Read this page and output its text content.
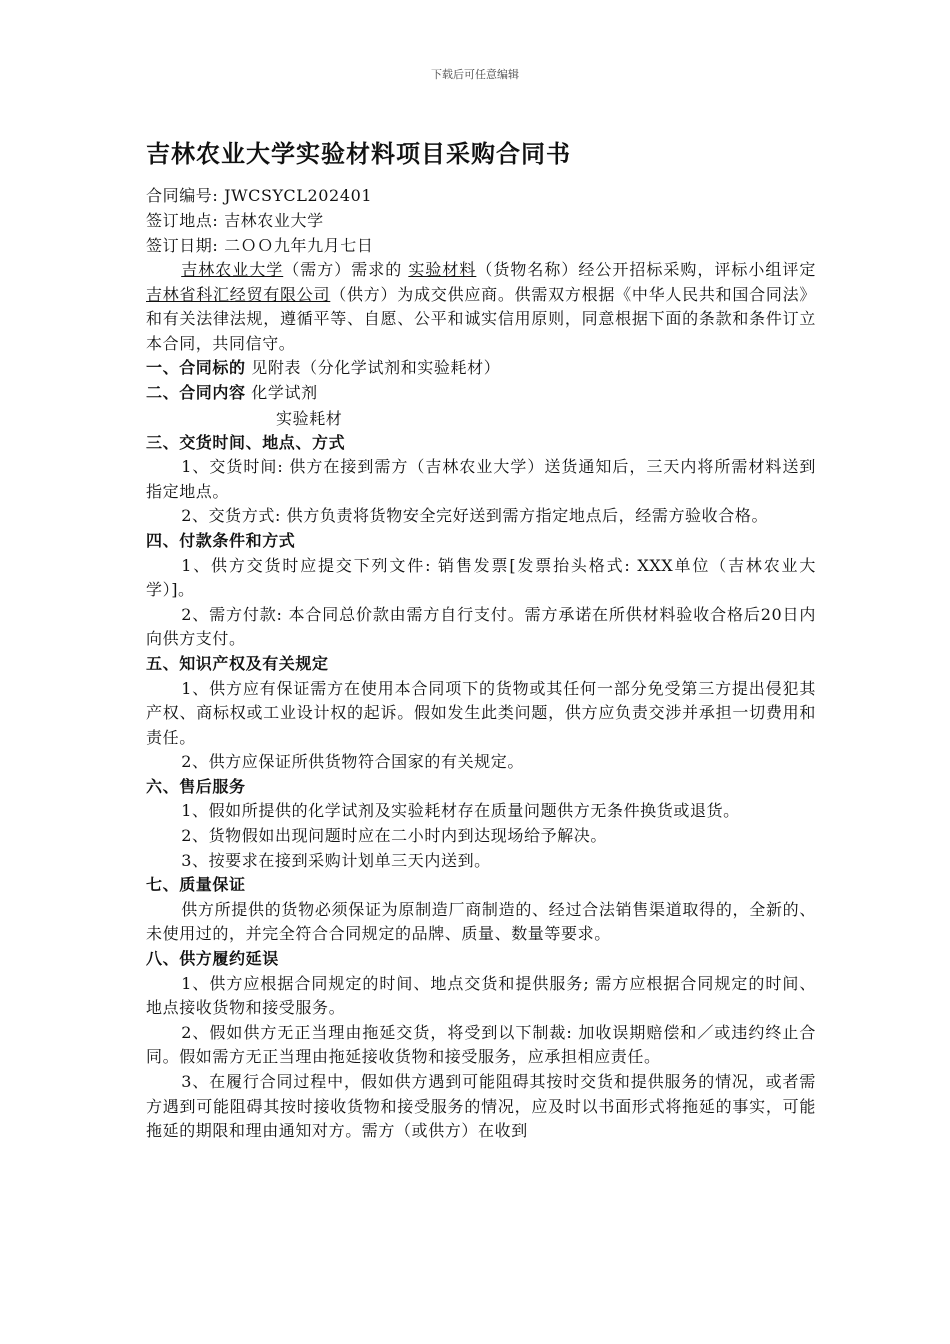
下载后可任意编辑
吉林农业大学实验材料项目采购合同书
合同编号: JWCSYCL202401
签订地点: 吉林农业大学
签订日期: 二ＯＯ九年九月七日
吉林农业大学（需方）需求的 实验材料（货物名称）经公开招标采购，评标小组评定 吉林省科汇经贸有限公司（供方）为成交供应商。供需双方根据《中华人民共和国合同法》和有关法律法规，遵循平等、自愿、公平和诚实信用原则，同意根据下面的条款和条件订立本合同，共同信守。
一、合同标的 见附表（分化学试剂和实验耗材）
二、合同内容 化学试剂
实验耗材
三、交货时间、地点、方式
1、交货时间: 供方在接到需方（吉林农业大学）送货通知后，三天内将所需材料送到指定地点。
2、交货方式: 供方负责将货物安全完好送到需方指定地点后，经需方验收合格。
四、付款条件和方式
1、供方交货时应提交下列文件: 销售发票[发票抬头格式: XXX单位（吉林农业大学）]。
2、需方付款: 本合同总价款由需方自行支付。需方承诺在所供材料验收合格后20日内向供方支付。
五、知识产权及有关规定
1、供方应有保证需方在使用本合同项下的货物或其任何一部分免受第三方提出侵犯其产权、商标权或工业设计权的起诉。假如发生此类问题，供方应负责交涉并承担一切费用和责任。
2、供方应保证所供货物符合国家的有关规定。
六、售后服务
1、假如所提供的化学试剂及实验耗材存在质量问题供方无条件换货或退货。
2、货物假如出现问题时应在二小时内到达现场给予解决。
3、按要求在接到采购计划单三天内送到。
七、质量保证
供方所提供的货物必须保证为原制造厂商制造的、经过合法销售渠道取得的，全新的、未使用过的，并完全符合合同规定的品牌、质量、数量等要求。
八、供方履约延误
1、供方应根据合同规定的时间、地点交货和提供服务; 需方应根据合同规定的时间、地点接收货物和接受服务。
2、假如供方无正当理由拖延交货，将受到以下制裁: 加收误期赔偿和／或违约终止合同。假如需方无正当理由拖延接收货物和接受服务，应承担相应责任。
3、在履行合同过程中，假如供方遇到可能阻碍其按时交货和提供服务的情况，或者需方遇到可能阻碍其按时接收货物和接受服务的情况，应及时以书面形式将拖延的事实，可能拖延的期限和理由通知对方。需方（或供方）在收到
